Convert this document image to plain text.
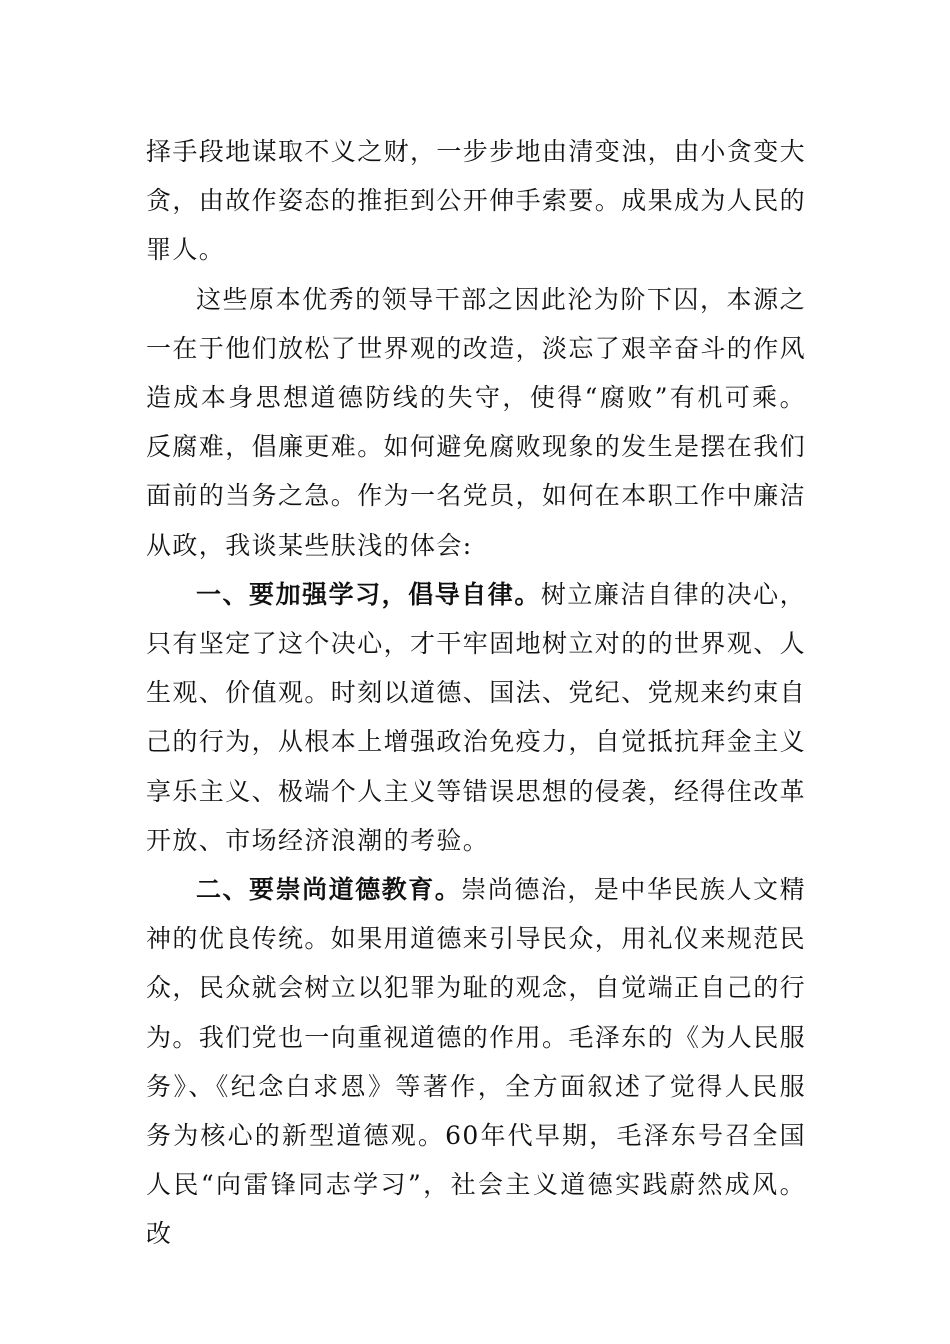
择手段地谋取不义之财，一步步地由清变浊，由小贪变大贪，由故作姿态的推拒到公开伸手索要。成果成为人民的罪人。

这些原本优秀的领导干部之因此沦为阶下囚，本源之一在于他们放松了世界观的改造，淡忘了艰辛奋斗的作风造成本身思想道德防线的失守，使得“腐败”有机可乘。反腐难，倡廉更难。如何避免腐败现象的发生是摆在我们面前的当务之急。作为一名党员，如何在本职工作中廉洁从政，我谈某些肤浅的体会:

一、要加强学习，倡导自律。树立廉洁自律的决心，只有坚定了这个决心，才干牢固地树立对的的世界观、人生观、价值观。时刻以道德、国法、党纪、党规来约束自己的行为，从根本上增强政治免疫力，自觉抵抗拜金主义享乐主义、极端个人主义等错误思想的侵袭，经得住改革开放、市场经济浪潮的考验。

二、要崇尚道德教育。崇尚德治，是中华民族人文精神的优良传统。如果用道德来引导民众，用礼仪来规范民众，民众就会树立以犯罪为耻的观念，自觉端正自己的行为。我们党也一向重视道德的作用。毛泽东的《为人民服务》、《纪念白求恩》等著作，全方面叙述了觉得人民服务为核心的新型道德观。60年代早期，毛泽东号召全国人民“向雷锋同志学习”，社会主义道德实践蔚然成风。改
